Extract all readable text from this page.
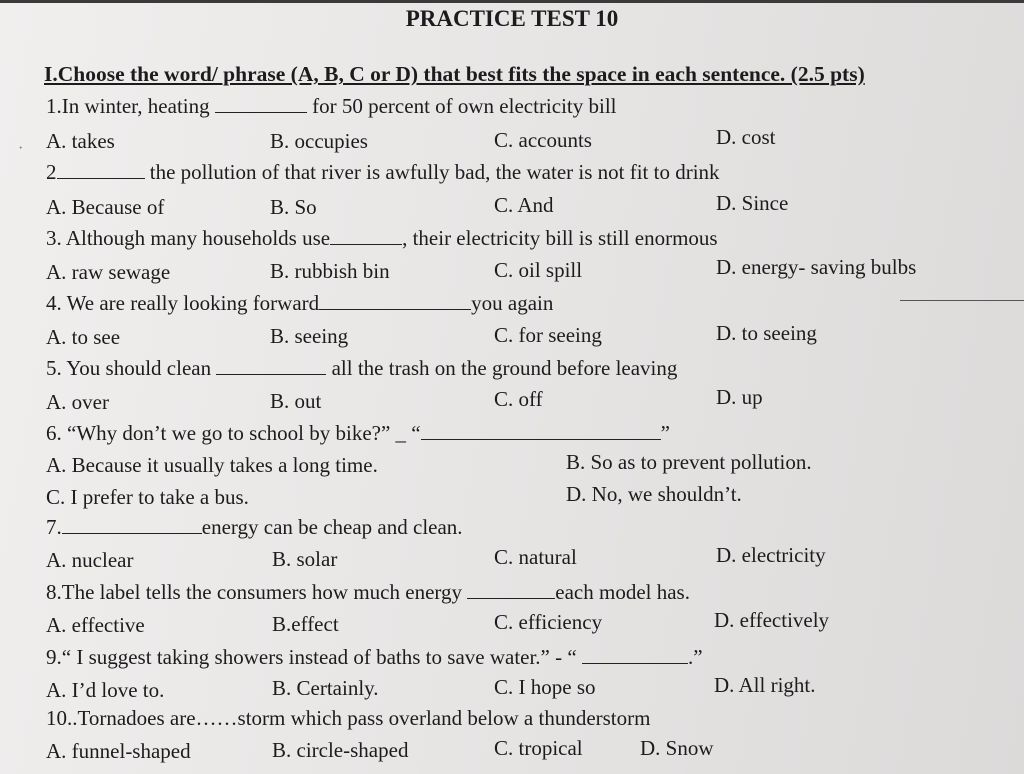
PRACTICE TEST 10
I.Choose the word/ phrase (A, B, C or D) that best fits the space in each sentence. (2.5 pts)
·
1.In winter, heating	for 50 percent of own electricity bill
A. takes	B. occupies	C. accounts	D. cost
2	the pollution of that river is awfully bad, the water is not fit to drink
A. Because of	B. So	C. And	D. Since
3. Although many households use	, their electricity bill is still enormous
A. raw sewage	B. rubbish bin	C. oil spill	D. energy- saving bulbs
4. We are really looking forward	you again
A. to see	B. seeing	C. for seeing	D. to seeing
5. You should clean	all the trash on the ground before leaving
A. over	B. out	C. off	D. up
6. “Why don’t we go to school by bike?” _ “	”
A. Because it usually takes a long time.	B. So as to prevent pollution.
C. I prefer to take a bus.	D. No, we shouldn’t.
7.	energy can be cheap and clean.
A. nuclear	B. solar	C. natural	D. electricity
8.The label tells the consumers how much energy	each model has.
A. effective	B.effect	C. efficiency	D. effectively
9.“ I suggest taking showers instead of baths to save water.” - “	.”
A. I’d love to.	B. Certainly.	C. I hope so	D. All right.
10..Tornadoes are……storm which pass overland below a thunderstorm
A. funnel-shaped	B. circle-shaped	C. tropical	D. Snow
